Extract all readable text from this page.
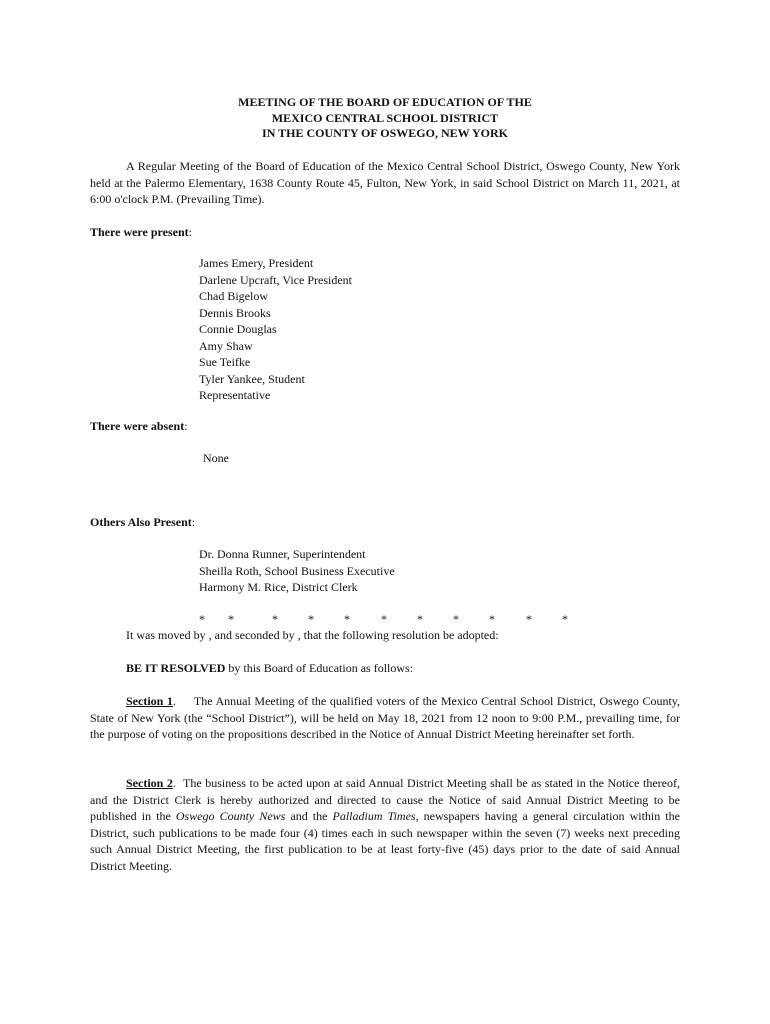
MEETING OF THE BOARD OF EDUCATION OF THE
MEXICO CENTRAL SCHOOL DISTRICT
IN THE COUNTY OF OSWEGO, NEW YORK
A Regular Meeting of the Board of Education of the Mexico Central School District, Oswego County, New York held at the Palermo Elementary, 1638 County Route 45, Fulton, New York, in said School District on March 11, 2021, at 6:00 o'clock P.M. (Prevailing Time).
There were present:
James Emery, President
Darlene Upcraft, Vice President
Chad Bigelow
Dennis Brooks
Connie Douglas
Amy Shaw
Sue Teifke
Tyler Yankee, Student
Representative
There were absent:
None
Others Also Present:
Dr. Donna Runner, Superintendent
Sheilla Roth, School Business Executive
Harmony M. Rice, District Clerk
* *	*	*	*	*	*	*	*	*	*
It was moved by , and seconded by , that the following resolution be adopted:
BE IT RESOLVED by this Board of Education as follows:
Section 1. The Annual Meeting of the qualified voters of the Mexico Central School District, Oswego County, State of New York (the “School District”), will be held on May 18, 2021 from 12 noon to 9:00 P.M., prevailing time, for the purpose of voting on the propositions described in the Notice of Annual District Meeting hereinafter set forth.
Section 2. The business to be acted upon at said Annual District Meeting shall be as stated in the Notice thereof, and the District Clerk is hereby authorized and directed to cause the Notice of said Annual District Meeting to be published in the Oswego County News and the Palladium Times, newspapers having a general circulation within the District, such publications to be made four (4) times each in such newspaper within the seven (7) weeks next preceding such Annual District Meeting, the first publication to be at least forty-five (45) days prior to the date of said Annual District Meeting.
